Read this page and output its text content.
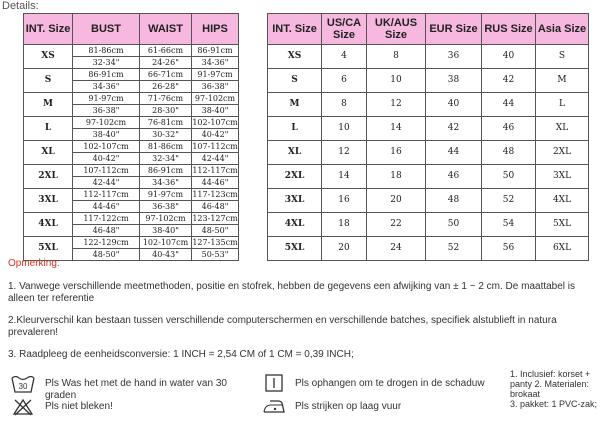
Details:
INT. Size	BUST	WAIST	HIPS
XS	81-86cm	61-66cm	86-91cm
	32-34"	24-26"	34-36"
S	86-91cm	66-71cm	91-97cm
	34-36"	26-28"	36-38"
M	91-97cm	71-76cm	97-102cm
	36-38"	28-30"	38-40"
L	97-102cm	76-81cm	102-107cm
	38-40"	30-32"	40-42"
XL	102-107cm	81-86cm	107-112cm
	40-42"	32-34"	42-44"
2XL	107-112cm	86-91cm	112-117cm
	42-44"	34-36"	44-46"
3XL	112-117cm	91-97cm	117-123cm
	44-46"	36-38"	46-48"
4XL	117-122cm	97-102cm	123-127cm
	46-48"	38-40"	48-50"
5XL	122-129cm	102-107cm	127-135cm
	48-50"	40-43"	50-53"
INT. Size	US/CA Size	UK/AUS Size	EUR Size	RUS Size	Asia Size
XS	4	8	36	40	S
S	6	10	38	42	M
M	8	12	40	44	L
L	10	14	42	46	XL
XL	12	16	44	48	2XL
2XL	14	18	46	50	3XL
3XL	16	20	48	52	4XL
4XL	18	22	50	54	5XL
5XL	20	24	52	56	6XL
Opmerking:
1. Vanwege verschillende meetmethoden, positie en stofrek, hebben de gegevens een afwijking van ± 1 ~ 2 cm. De maattabel is alleen ter referentie
2.Kleurverschil kan bestaan tussen verschillende computerschermen en verschillende batches, specifiek alstublieft in natura prevaleren!
3. Raadpleeg de eenheidsconversie: 1 INCH = 2,54 CM of 1 CM = 0,39 INCH;
30 Pls Was het met de hand in water van 30 graden
Pls niet bleken!
Pls ophangen om te drogen in de schaduw
Pls strijken op laag vuur
1. Inclusief: korset + panty 2. Materialen: brokaat
3. pakket: 1 PVC-zak;
